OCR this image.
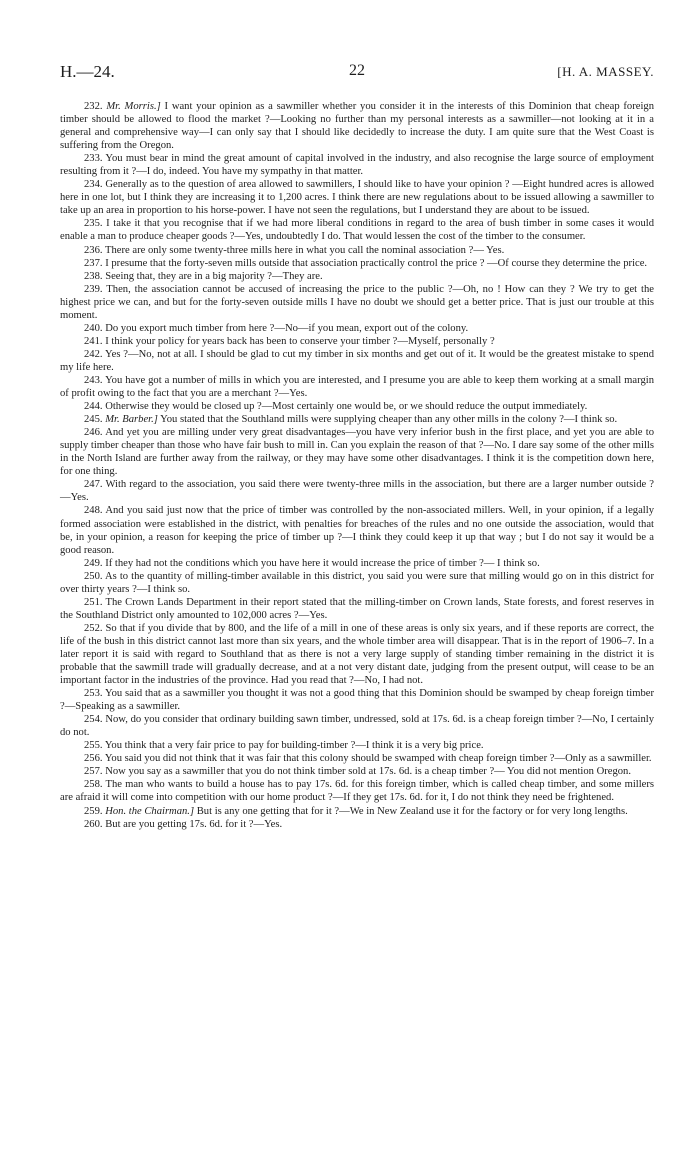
H.—24.	22	[H. A. MASSEY.

232. Mr. Morris.] I want your opinion as a sawmiller whether you consider it in the interests of this Dominion that cheap foreign timber should be allowed to flood the market ?—Looking no further than my personal interests as a sawmiller—not looking at it in a general and comprehensive way—I can only say that I should like decidedly to increase the duty. I am quite sure that the West Coast is suffering from the Oregon.

233. You must bear in mind the great amount of capital involved in the industry, and also recognise the large source of employment resulting from it ?—I do, indeed. You have my sympathy in that matter.

234. Generally as to the question of area allowed to sawmillers, I should like to have your opinion ? —Eight hundred acres is allowed here in one lot, but I think they are increasing it to 1,200 acres. I think there are new regulations about to be issued allowing a sawmiller to take up an area in proportion to his horse-power. I have not seen the regulations, but I understand they are about to be issued.

235. I take it that you recognise that if we had more liberal conditions in regard to the area of bush timber in some cases it would enable a man to produce cheaper goods ?—Yes, undoubtedly I do. That would lessen the cost of the timber to the consumer.

236. There are only some twenty-three mills here in what you call the nominal association ?— Yes.

237. I presume that the forty-seven mills outside that association practically control the price ? —Of course they determine the price.

238. Seeing that, they are in a big majority ?—They are.

239. Then, the association cannot be accused of increasing the price to the public ?—Oh, no ! How can they ? We try to get the highest price we can, and but for the forty-seven outside mills I have no doubt we should get a better price. That is just our trouble at this moment.

240. Do you export much timber from here ?—No—if you mean, export out of the colony.

241. I think your policy for years back has been to conserve your timber ?—Myself, personally ?

242. Yes ?—No, not at all. I should be glad to cut my timber in six months and get out of it. It would be the greatest mistake to spend my life here.

243. You have got a number of mills in which you are interested, and I presume you are able to keep them working at a small margin of profit owing to the fact that you are a merchant ?—Yes.

244. Otherwise they would be closed up ?—Most certainly one would be, or we should reduce the output immediately.

245. Mr. Barber.] You stated that the Southland mills were supplying cheaper than any other mills in the colony ?—I think so.

246. And yet you are milling under very great disadvantages—you have very inferior bush in the first place, and yet you are able to supply timber cheaper than those who have fair bush to mill in. Can you explain the reason of that ?—No. I dare say some of the other mills in the North Island are further away from the railway, or they may have some other disadvantages. I think it is the competition down here, for one thing.

247. With regard to the association, you said there were twenty-three mills in the association, but there are a larger number outside ?—Yes.

248. And you said just now that the price of timber was controlled by the non-associated millers. Well, in your opinion, if a legally formed association were established in the district, with penalties for breaches of the rules and no one outside the association, would that be, in your opinion, a reason for keeping the price of timber up ?—I think they could keep it up that way ; but I do not say it would be a good reason.

249. If they had not the conditions which you have here it would increase the price of timber ?— I think so.

250. As to the quantity of milling-timber available in this district, you said you were sure that milling would go on in this district for over thirty years ?—I think so.

251. The Crown Lands Department in their report stated that the milling-timber on Crown lands, State forests, and forest reserves in the Southland District only amounted to 102,000 acres ?—Yes.

252. So that if you divide that by 800, and the life of a mill in one of these areas is only six years, and if these reports are correct, the life of the bush in this district cannot last more than six years, and the whole timber area will disappear. That is in the report of 1906–7. In a later report it is said with regard to Southland that as there is not a very large supply of standing timber remaining in the district it is probable that the sawmill trade will gradually decrease, and at a not very distant date, judging from the present output, will cease to be an important factor in the industries of the province. Had you read that ?—No, I had not.

253. You said that as a sawmiller you thought it was not a good thing that this Dominion should be swamped by cheap foreign timber ?—Speaking as a sawmiller.

254. Now, do you consider that ordinary building sawn timber, undressed, sold at 17s. 6d. is a cheap foreign timber ?—No, I certainly do not.

255. You think that a very fair price to pay for building-timber ?—I think it is a very big price.

256. You said you did not think that it was fair that this colony should be swamped with cheap foreign timber ?—Only as a sawmiller.

257. Now you say as a sawmiller that you do not think timber sold at 17s. 6d. is a cheap timber ?— You did not mention Oregon.

258. The man who wants to build a house has to pay 17s. 6d. for this foreign timber, which is called cheap timber, and some millers are afraid it will come into competition with our home product ?—If they get 17s. 6d. for it, I do not think they need be frightened.

259. Hon. the Chairman.] But is any one getting that for it ?—We in New Zealand use it for the factory or for very long lengths.

260. But are you getting 17s. 6d. for it ?—Yes.
